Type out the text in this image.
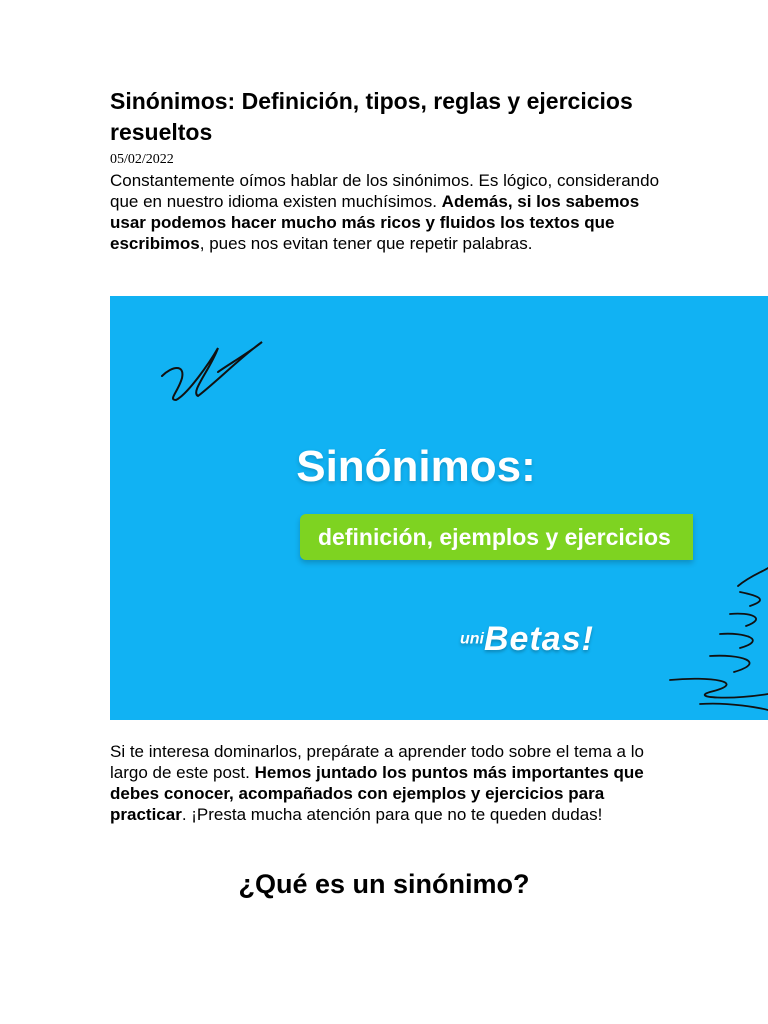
Sinónimos: Definición, tipos, reglas y ejercicios resueltos
05/02/2022

Constantemente oímos hablar de los sinónimos. Es lógico, considerando que en nuestro idioma existen muchísimos. Además, si los sabemos usar podemos hacer mucho más ricos y fluidos los textos que escribimos, pues nos evitan tener que repetir palabras.

Sinónimos:
definición, ejemplos y ejercicios
uniBetas!

Si te interesa dominarlos, prepárate a aprender todo sobre el tema a lo largo de este post. Hemos juntado los puntos más importantes que debes conocer, acompañados con ejemplos y ejercicios para practicar. ¡Presta mucha atención para que no te queden dudas!

¿Qué es un sinónimo?
